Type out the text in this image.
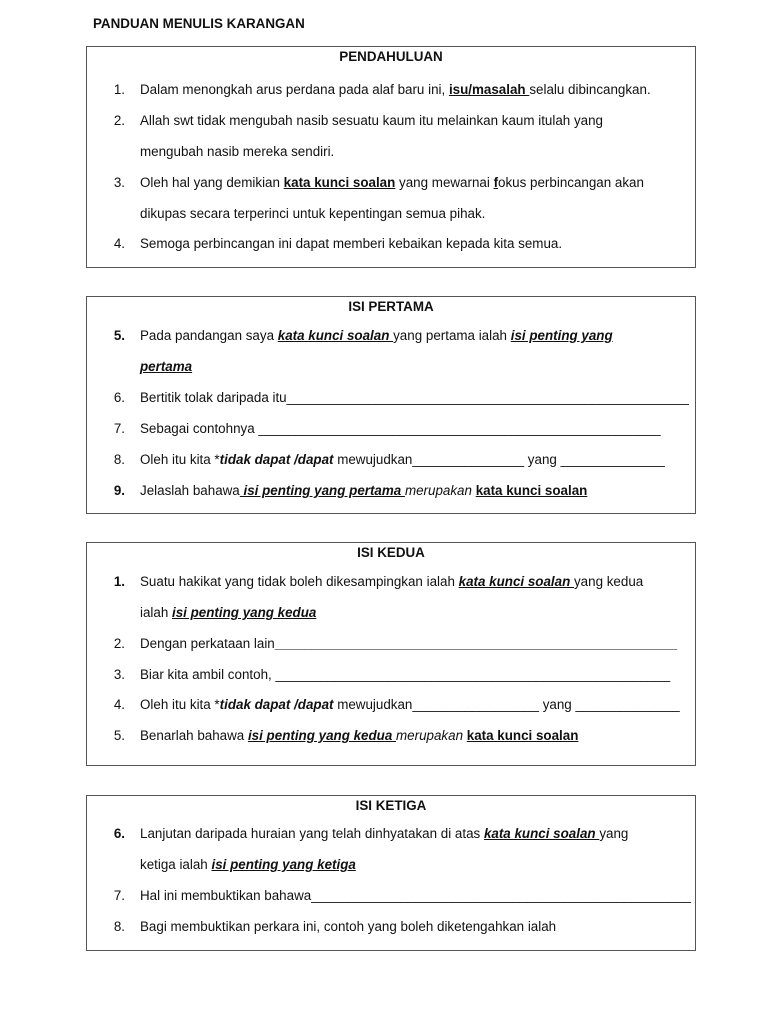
PANDUAN MENULIS KARANGAN
PENDAHULUAN
1. Dalam menongkah arus perdana pada alaf baru ini, isu/masalah selalu dibincangkan.
2. Allah swt tidak mengubah nasib sesuatu kaum itu melainkan kaum itulah yang
mengubah nasib mereka sendiri.
3. Oleh hal yang demikian kata kunci soalan yang mewarnai fokus perbincangan akan
dikupas secara terperinci untuk kepentingan semua pihak.
4. Semoga perbincangan ini dapat memberi kebaikan kepada kita semua.
ISI PERTAMA
5. Pada pandangan saya kata kunci soalan yang pertama ialah isi penting yang
pertama
6. Bertitik tolak daripada itu______________________________________________________
7. Sebagai contohnya ______________________________________________________
8. Oleh itu kita *tidak dapat /dapat mewujudkan_______________ yang ______________
9. Jelaslah bahawa isi penting yang pertama merupakan kata kunci soalan
ISI KEDUA
1. Suatu hakikat yang tidak boleh dikesampingkan ialah kata kunci soalan yang kedua
ialah isi penting yang kedua
2. Dengan perkataan lain______________________________________________________
3. Biar kita ambil contoh, _____________________________________________________
4. Oleh itu kita *tidak dapat /dapat mewujudkan_________________ yang ______________
5. Benarlah bahawa isi penting yang kedua merupakan kata kunci soalan
ISI KETIGA
6. Lanjutan daripada huraian yang telah dinhyatakan di atas kata kunci soalan yang
ketiga ialah isi penting yang ketiga
7. Hal ini membuktikan bahawa___________________________________________________
8. Bagi membuktikan perkara ini, contoh yang boleh diketengahkan ialah
